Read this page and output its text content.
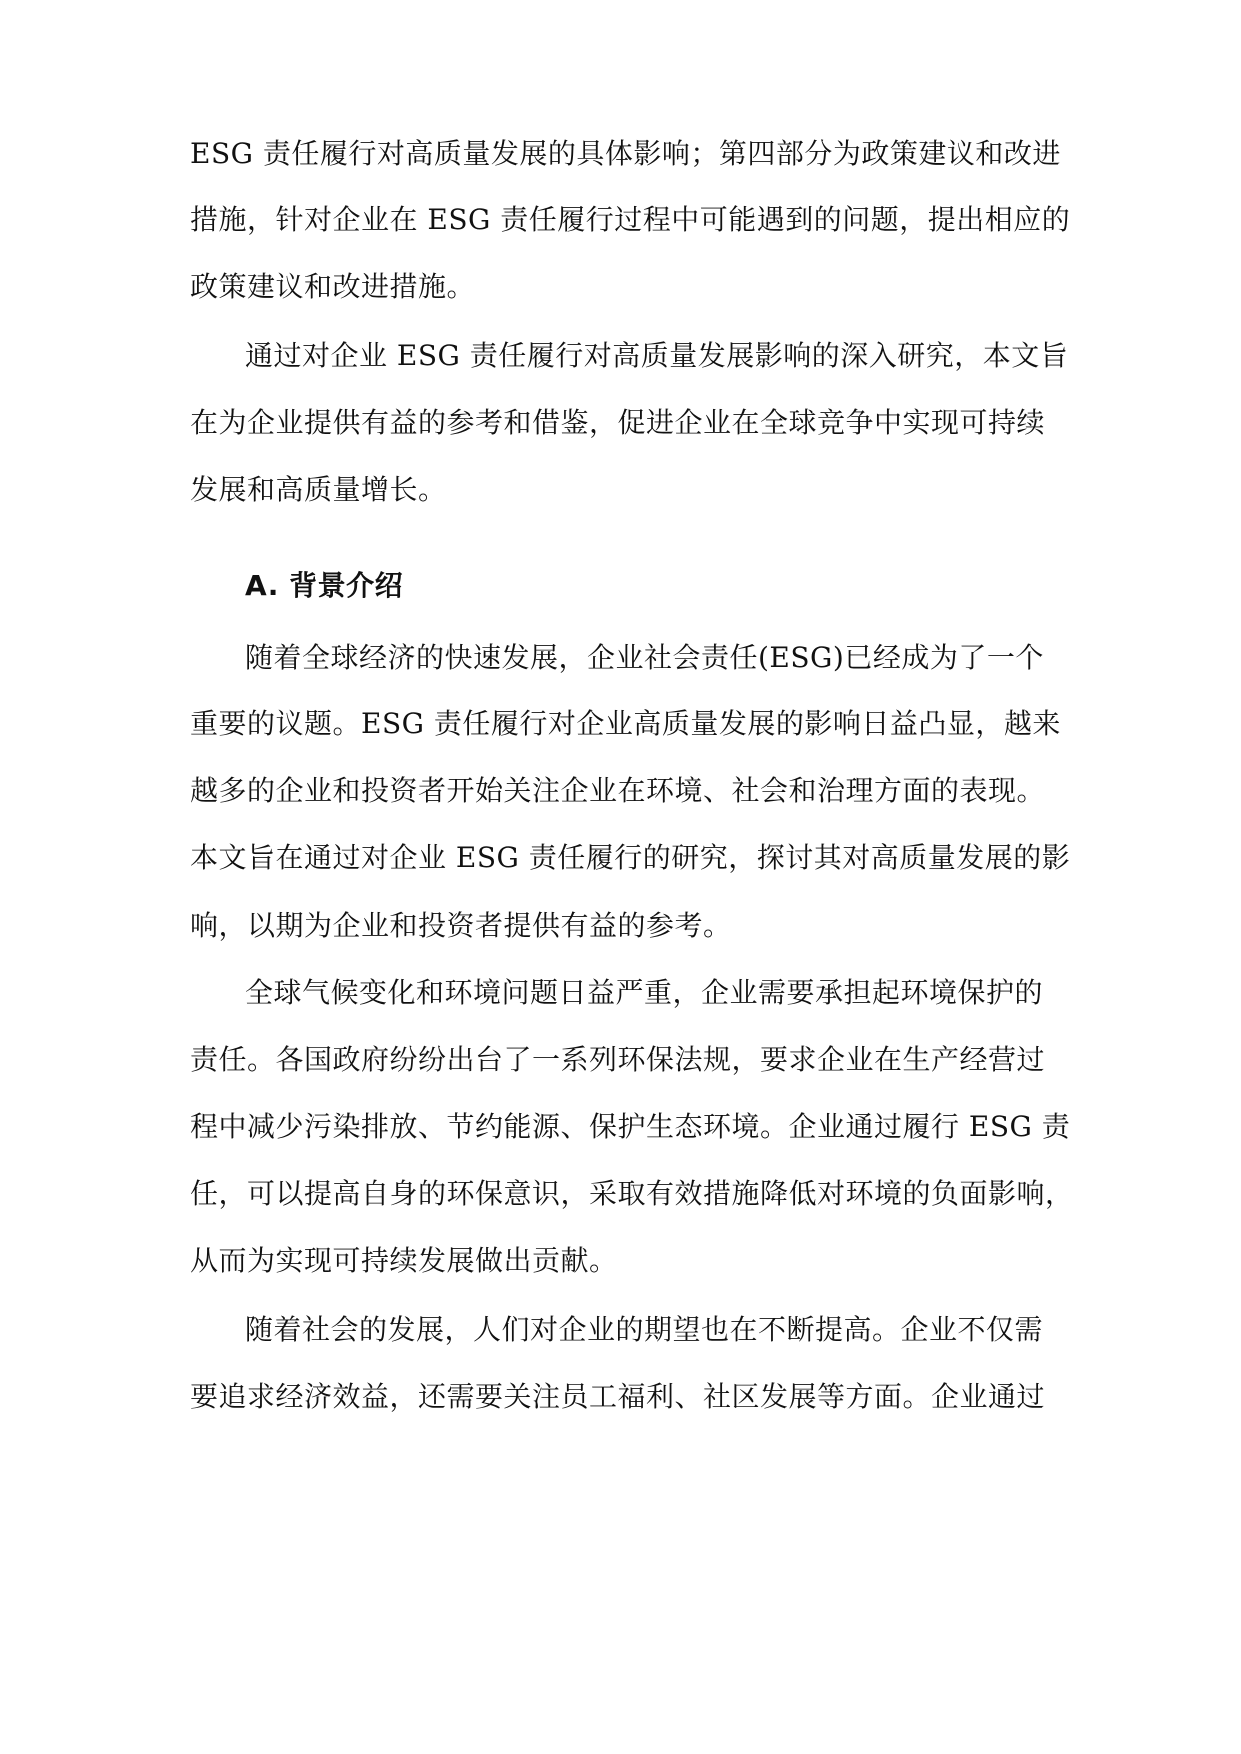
ESG 责任履行对高质量发展的具体影响；第四部分为政策建议和改进
措施，针对企业在 ESG 责任履行过程中可能遇到的问题，提出相应的
政策建议和改进措施。
通过对企业 ESG 责任履行对高质量发展影响的深入研究，本文旨
在为企业提供有益的参考和借鉴，促进企业在全球竞争中实现可持续
发展和高质量增长。
A. 背景介绍
随着全球经济的快速发展，企业社会责任(ESG)已经成为了一个
重要的议题。ESG 责任履行对企业高质量发展的影响日益凸显，越来
越多的企业和投资者开始关注企业在环境、社会和治理方面的表现。
本文旨在通过对企业 ESG 责任履行的研究，探讨其对高质量发展的影
响，以期为企业和投资者提供有益的参考。
全球气候变化和环境问题日益严重，企业需要承担起环境保护的
责任。各国政府纷纷出台了一系列环保法规，要求企业在生产经营过
程中减少污染排放、节约能源、保护生态环境。企业通过履行 ESG 责
任，可以提高自身的环保意识，采取有效措施降低对环境的负面影响，
从而为实现可持续发展做出贡献。
随着社会的发展，人们对企业的期望也在不断提高。企业不仅需
要追求经济效益，还需要关注员工福利、社区发展等方面。企业通过
